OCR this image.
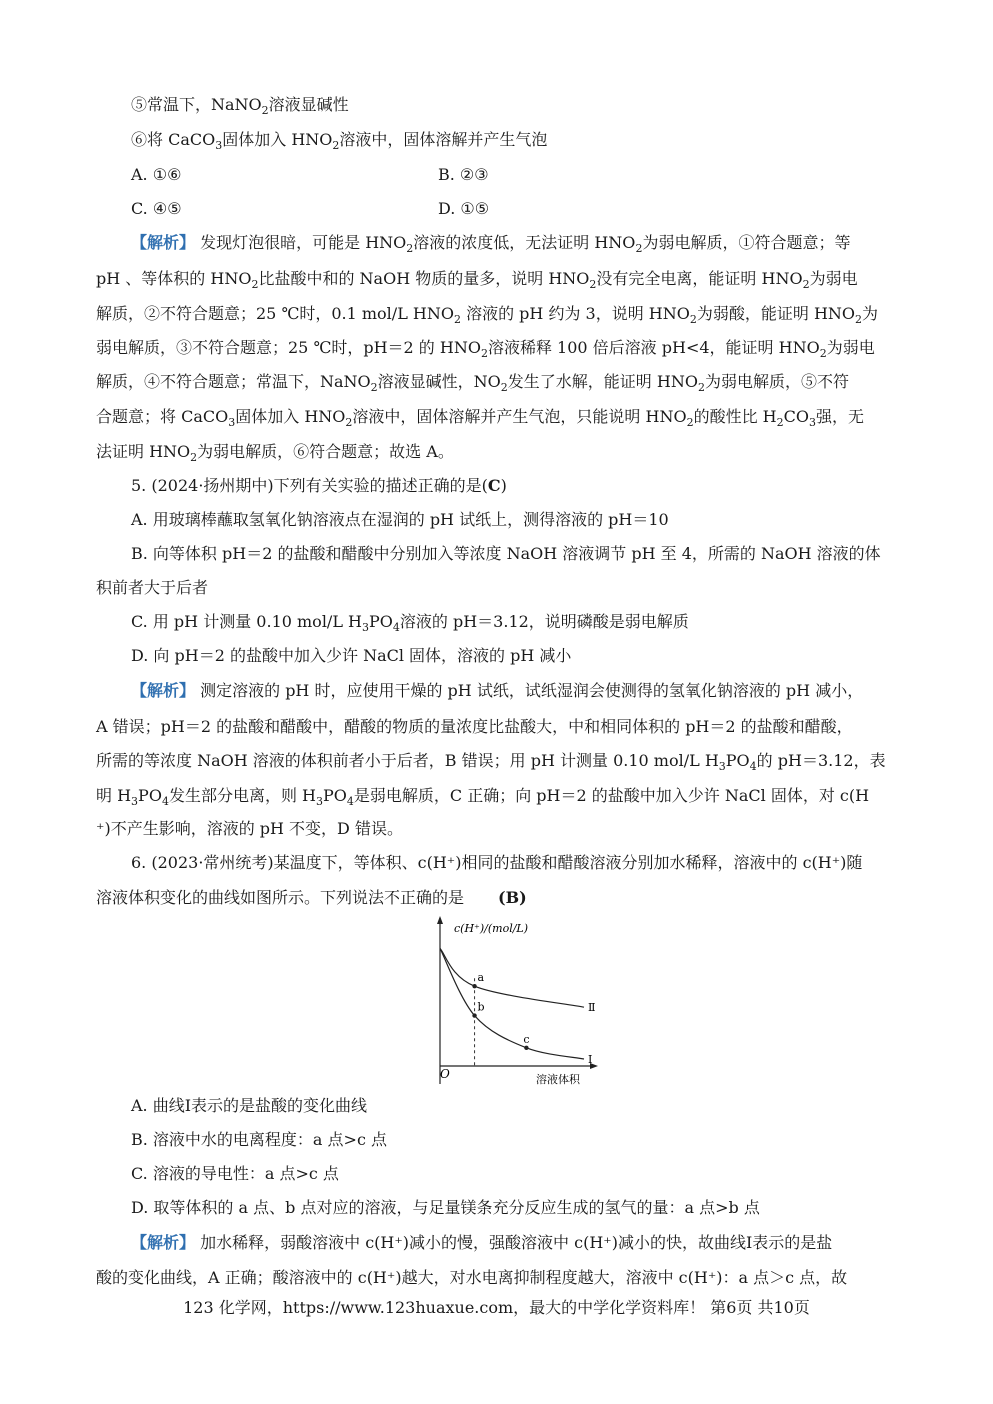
⑤常温下，NaNO$_2$溶液显碱性
⑥将 CaCO$_3$固体加入 $HNO_2$溶液中，固体溶解并产生气泡
A. ①⑥	B. ②③
C. ④⑤	D. ①⑤
【解析】 发现灯泡很暗，可能是 $HNO_2$溶液的浓度低，无法证明 $HNO_2$为弱电解质，①符合题意；等
pH 、等体积的 $HNO_2$比盐酸中和的 NaOH 物质的量多，说明 $HNO_2$没有完全电离，能证明 $HNO_2$为弱电
解质，②不符合题意；25 ℃时，0.1 mol/L $HNO_2$ 溶液的 pH 约为 3，说明 $HNO_2$为弱酸，能证明 $HNO_2$为
弱电解质，③不符合题意；25 ℃时，pH＝2 的 $HNO_2$溶液稀释 100 倍后溶液 pH<4，能证明 $HNO_2$为弱电
解质，④不符合题意；常温下，NaNO$_2$溶液显碱性，$NO_2$发生了水解，能证明 $HNO_2$为弱电解质，⑤不符
合题意；将 CaCO$_3$固体加入 $HNO_2$溶液中，固体溶解并产生气泡，只能说明 $HNO_2$的酸性比 $H_2CO_3$强，无
法证明 $HNO_2$为弱电解质，⑥符合题意；故选 A。
5. (2024·扬州期中)下列有关实验的描述正确的是(C)
A. 用玻璃棒蘸取氢氧化钠溶液点在湿润的 pH 试纸上，测得溶液的 pH＝10
B. 向等体积 pH＝2 的盐酸和醋酸中分别加入等浓度 NaOH 溶液调节 pH 至 4，所需的 NaOH 溶液的体
积前者大于后者
C. 用 pH 计测量 0.10 mol/L $H_3PO_4$溶液的 pH＝3.12，说明磷酸是弱电解质
D. 向 pH＝2 的盐酸中加入少许 NaCl 固体，溶液的 pH 减小
【解析】 测定溶液的 pH 时，应使用干燥的 pH 试纸，试纸湿润会使测得的氢氧化钠溶液的 pH 减小，
A 错误；pH＝2 的盐酸和醋酸中，醋酸的物质的量浓度比盐酸大，中和相同体积的 pH＝2 的盐酸和醋酸，
所需的等浓度 NaOH 溶液的体积前者小于后者，B 错误；用 pH 计测量 0.10 mol/L $H_3PO_4$的 pH＝3.12，表
明 $H_3PO_4$发生部分电离，则 $H_3PO_4$是弱电解质，C 正确；向 pH＝2 的盐酸中加入少许 NaCl 固体，对 c(H
⁺)不产生影响，溶液的 pH 不变，D 错误。
6. (2023·常州统考)某温度下，等体积、c(H⁺)相同的盐酸和醋酸溶液分别加水稀释，溶液中的 c(H⁺)随
溶液体积变化的曲线如图所示。下列说法不正确的是 (B)
c(H⁺)/(mol/L)
溶液体积
O
Ⅱ
Ⅰ
a
b
c
A. 曲线Ⅰ表示的是盐酸的变化曲线
B. 溶液中水的电离程度：a 点>c 点
C. 溶液的导电性：a 点>c 点
D. 取等体积的 a 点、b 点对应的溶液，与足量镁条充分反应生成的氢气的量：a 点>b 点
【解析】 加水稀释，弱酸溶液中 c(H⁺)减小的慢，强酸溶液中 c(H⁺)减小的快，故曲线Ⅰ表示的是盐
酸的变化曲线，A 正确；酸溶液中的 c(H⁺)越大，对水电离抑制程度越大，溶液中 c(H⁺)：a 点＞c 点，故
123 化学网，https://www.123huaxue.com，最大的中学化学资料库！ 第6页 共10页
